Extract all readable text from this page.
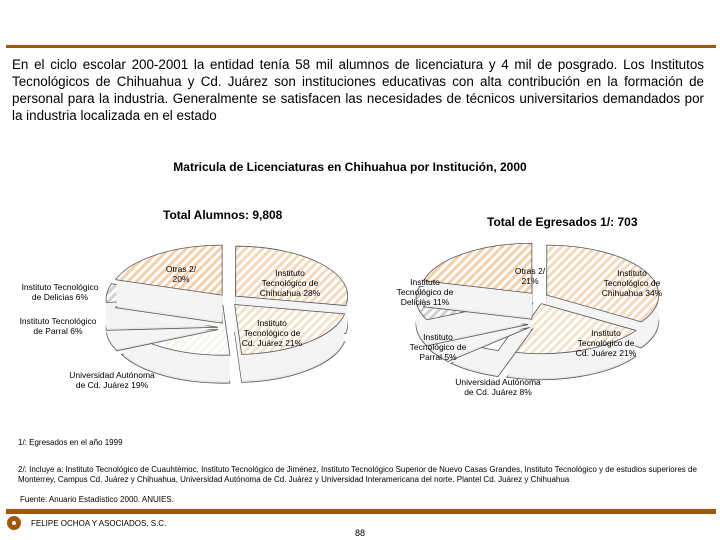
En el ciclo escolar 200-2001 la entidad tenía 58 mil alumnos de licenciatura y 4 mil de posgrado. Los Institutos Tecnológicos de Chihuahua y Cd. Juárez son instituciones educativas con alta contribución en la formación de personal para la industria. Generalmente se satisfacen las necesidades de técnicos universitarios demandados por la industria localizada en el estado
Matricula de Licenciaturas en Chihuahua por Institución, 2000
Total Alumnos: 9,808	Total de Egresados 1/: 703
Instituto
Tecnológico de
Chihuahua 28%
Instituto
Tecnológico de
Cd. Juárez 21%
Universidad Autónoma
de Cd. Juárez 19%
Instituto Tecnológico
de Parral 6%
Instituto Tecnológico
de Delicias 6%
Otras 2/
20%
Instituto
Tecnológico de
Chihuahua 34%
Instituto
Tecnológico de
Cd. Juárez 21%
Universidad Autónoma
de Cd. Juárez 8%
Instituto
Tecnológico de
Parral 5%
Instituto
Tecnológico de
Delicias 11%
Otras 2/
21%
1/: Egresados en el año 1999
2/: Incluye a: Instituto Tecnológico de Cuauhtémoc, Instituto Tecnológico de Jiménez, Instituto Tecnológico Superior de Nuevo Casas Grandes, Instituto Tecnológico y de estudios superiores de Monterrey, Campus Cd. Juárez y Chihuahua, Universidad Autónoma de Cd. Juárez y Universidad Interamericana del norte. Plantel Cd. Juárez y Chihuahua
Fuente: Anuario Estadístico 2000. ANUIES.
FELIPE OCHOA Y ASOCIADOS, S.C.
88
